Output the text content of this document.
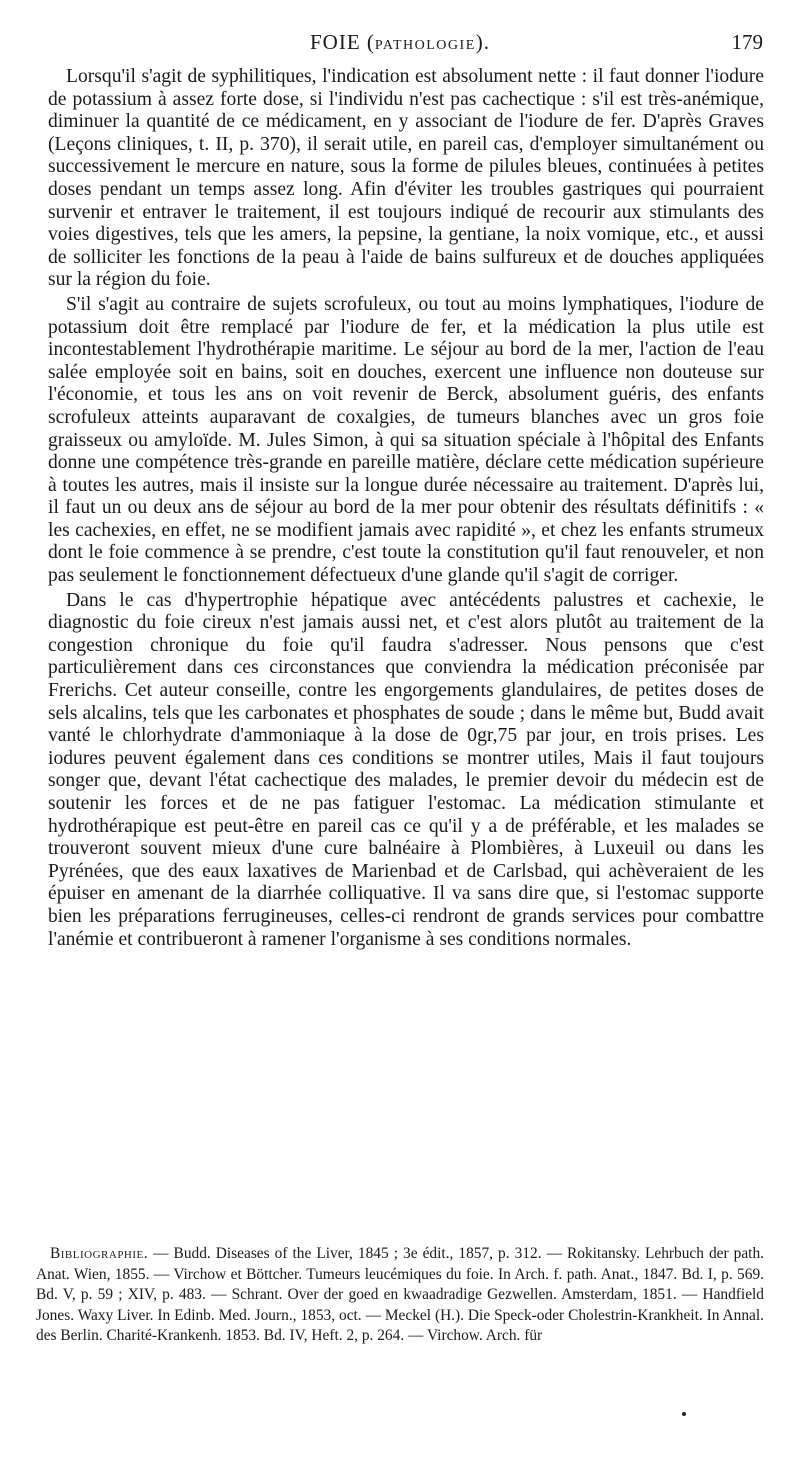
FOIE (PATHOLOGIE).	179

Lorsqu'il s'agit de syphilitiques, l'indication est absolument nette : il faut donner l'iodure de potassium à assez forte dose, si l'individu n'est pas cachectique : s'il est très-anémique, diminuer la quantité de ce médicament, en y associant de l'iodure de fer. D'après Graves (Leçons cliniques, t. II, p. 370), il serait utile, en pareil cas, d'employer simultanément ou successivement le mercure en nature, sous la forme de pilules bleues, continuées à petites doses pendant un temps assez long. Afin d'éviter les troubles gastriques qui pourraient survenir et entraver le traitement, il est toujours indiqué de recourir aux stimulants des voies digestives, tels que les amers, la pepsine, la gentiane, la noix vomique, etc., et aussi de solliciter les fonctions de la peau à l'aide de bains sulfureux et de douches appliquées sur la région du foie.

S'il s'agit au contraire de sujets scrofuleux, ou tout au moins lymphatiques, l'iodure de potassium doit être remplacé par l'iodure de fer, et la médication la plus utile est incontestablement l'hydrothérapie maritime. Le séjour au bord de la mer, l'action de l'eau salée employée soit en bains, soit en douches, exercent une influence non douteuse sur l'économie, et tous les ans on voit revenir de Berck, absolument guéris, des enfants scrofuleux atteints auparavant de coxalgies, de tumeurs blanches avec un gros foie graisseux ou amyloïde. M. Jules Simon, à qui sa situation spéciale à l'hôpital des Enfants donne une compétence très-grande en pareille matière, déclare cette médication supérieure à toutes les autres, mais il insiste sur la longue durée nécessaire au traitement. D'après lui, il faut un ou deux ans de séjour au bord de la mer pour obtenir des résultats définitifs : « les cachexies, en effet, ne se modifient jamais avec rapidité », et chez les enfants strumeux dont le foie commence à se prendre, c'est toute la constitution qu'il faut renouveler, et non pas seulement le fonctionnement défectueux d'une glande qu'il s'agit de corriger.

Dans le cas d'hypertrophie hépatique avec antécédents palustres et cachexie, le diagnostic du foie cireux n'est jamais aussi net, et c'est alors plutôt au traitement de la congestion chronique du foie qu'il faudra s'adresser. Nous pensons que c'est particulièrement dans ces circonstances que conviendra la médication préconisée par Frerichs. Cet auteur conseille, contre les engorgements glandulaires, de petites doses de sels alcalins, tels que les carbonates et phosphates de soude ; dans le même but, Budd avait vanté le chlorhydrate d'ammoniaque à la dose de 0gr,75 par jour, en trois prises. Les iodures peuvent également dans ces conditions se montrer utiles, Mais il faut toujours songer que, devant l'état cachectique des malades, le premier devoir du médecin est de soutenir les forces et de ne pas fatiguer l'estomac. La médication stimulante et hydrothérapique est peut-être en pareil cas ce qu'il y a de préférable, et les malades se trouveront souvent mieux d'une cure balnéaire à Plombières, à Luxeuil ou dans les Pyrénées, que des eaux laxatives de Marienbad et de Carlsbad, qui achèveraient de les épuiser en amenant de la diarrhée colliquative. Il va sans dire que, si l'estomac supporte bien les préparations ferrugineuses, celles-ci rendront de grands services pour combattre l'anémie et contribueront à ramener l'organisme à ses conditions normales.

Bibliographie. — Budd. Diseases of the Liver, 1845 ; 3e édit., 1857, p. 312. — Rokitansky. Lehrbuch der path. Anat. Wien, 1855. — Virchow et Böttcher. Tumeurs leucémiques du foie. In Arch. f. path. Anat., 1847. Bd. I, p. 569. Bd. V, p. 59 ; XIV, p. 483. — Schrant. Over der goed en kwaadradige Gezwellen. Amsterdam, 1851. — Handfield Jones. Waxy Liver. In Edinb. Med. Journ., 1853, oct. — Meckel (H.). Die Speck-oder Cholestrin-Krankheit. In Annal. des Berlin. Charité-Krankenh. 1853. Bd. IV, Heft. 2, p. 264. — Virchow. Arch. für
